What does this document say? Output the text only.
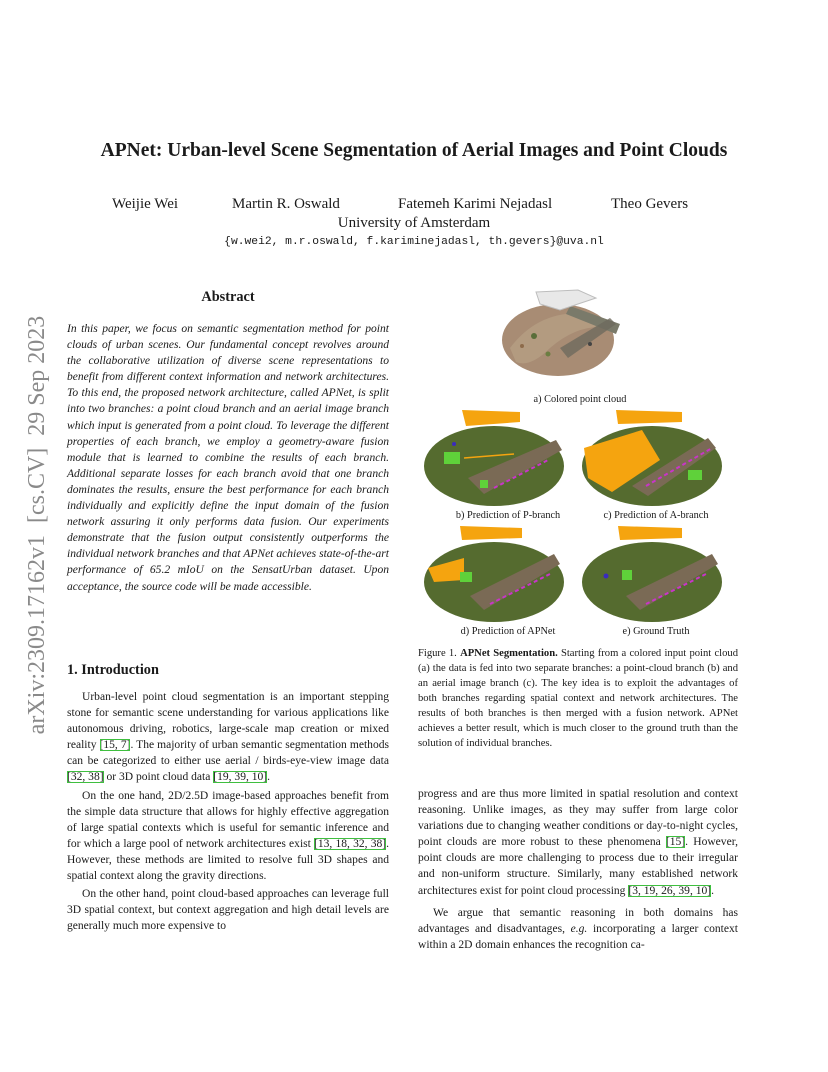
APNet: Urban-level Scene Segmentation of Aerial Images and Point Clouds
Weijie Wei	Martin R. Oswald	Fatemeh Karimi Nejadasl	Theo Gevers
University of Amsterdam
{w.wei2, m.r.oswald, f.kariminejadasl, th.gevers}@uva.nl
arXiv:2309.17162v1  [cs.CV]  29 Sep 2023
Abstract
In this paper, we focus on semantic segmentation method for point clouds of urban scenes. Our fundamental concept revolves around the collaborative utilization of diverse scene representations to benefit from different context information and network architectures. To this end, the proposed network architecture, called APNet, is split into two branches: a point cloud branch and an aerial image branch which input is generated from a point cloud. To leverage the different properties of each branch, we employ a geometry-aware fusion module that is learned to combine the results of each branch. Additional separate losses for each branch avoid that one branch dominates the results, ensure the best performance for each branch individually and explicitly define the input domain of the fusion network assuring it only performs data fusion. Our experiments demonstrate that the fusion output consistently outperforms the individual network branches and that APNet achieves state-of-the-art performance of 65.2 mIoU on the SensatUrban dataset. Upon acceptance, the source code will be made accessible.
1. Introduction

Urban-level point cloud segmentation is an important stepping stone for semantic scene understanding for various applications like autonomous driving, robotics, large-scale map creation or mixed reality [15, 7]. The majority of urban semantic segmentation methods can be categorized to either use aerial / birds-eye-view image data [32, 38] or 3D point cloud data [19, 39, 10].

On the one hand, 2D/2.5D image-based approaches benefit from the simple data structure that allows for highly effective aggregation of large spatial contexts which is useful for semantic inference and for which a large pool of network architectures exist [13, 18, 32, 38]. However, these methods are limited to resolve full 3D shapes and spatial context along the gravity directions.

On the other hand, point cloud-based approaches can leverage full 3D spatial context, but context aggregation and high detail levels are generally much more expensive to

progress and are thus more limited in spatial resolution and context reasoning. Unlike images, as they may suffer from large color variations due to changing weather conditions or day-to-night cycles, point clouds are more robust to these phenomena [15]. However, point clouds are more challenging to process due to their irregular and non-uniform structure. Similarly, many established network architectures exist for point cloud processing [3, 19, 26, 39, 10].

We argue that semantic reasoning in both domains has advantages and disadvantages, e.g. incorporating a larger context within a 2D domain enhances the recognition ca-

a) Colored point cloud
b) Prediction of P-branch	c) Prediction of A-branch
d) Prediction of APNet	e) Ground Truth
Figure 1. APNet Segmentation. Starting from a colored input point cloud (a) the data is fed into two separate branches: a point-cloud branch (b) and an aerial image branch (c). The key idea is to exploit the advantages of both branches regarding spatial context and network architectures. The results of both branches is then merged with a fusion network. APNet achieves a better result, which is much closer to the ground truth than the solution of individual branches.
